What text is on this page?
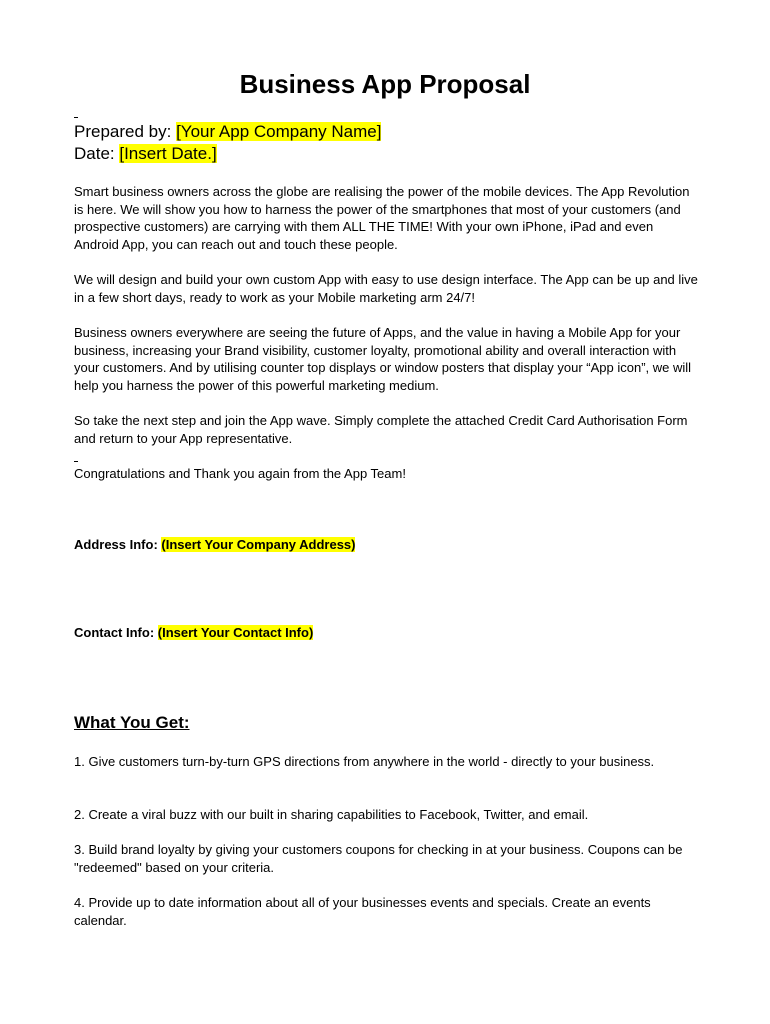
Business App Proposal
Prepared by: [Your App Company Name]
Date: [Insert Date.]

Smart business owners across the globe are realising the power of the mobile devices. The App Revolution is here. We will show you how to harness the power of the smartphones that most of your customers (and prospective customers) are carrying with them ALL THE TIME! With your own iPhone, iPad and even Android App, you can reach out and touch these people.

We will design and build your own custom App with easy to use design interface. The App can be up and live in a few short days, ready to work as your Mobile marketing arm 24/7!

Business owners everywhere are seeing the future of Apps, and the value in having a Mobile App for your business, increasing your Brand visibility, customer loyalty, promotional ability and overall interaction with your customers. And by utilising counter top displays or window posters that display your “App icon”, we will help you harness the power of this powerful marketing medium.

So take the next step and join the App wave. Simply complete the attached Credit Card Authorisation Form and return to your App representative.

Congratulations and Thank you again from the App Team!

Address Info: (Insert Your Company Address)
Contact Info: (Insert Your Contact Info)
What You Get:

1. Give customers turn-by-turn GPS directions from anywhere in the world - directly to your business.

2. Create a viral buzz with our built in sharing capabilities to Facebook, Twitter, and email.

3. Build brand loyalty by giving your customers coupons for checking in at your business. Coupons can be "redeemed" based on your criteria.

4. Provide up to date information about all of your businesses events and specials. Create an events calendar.
